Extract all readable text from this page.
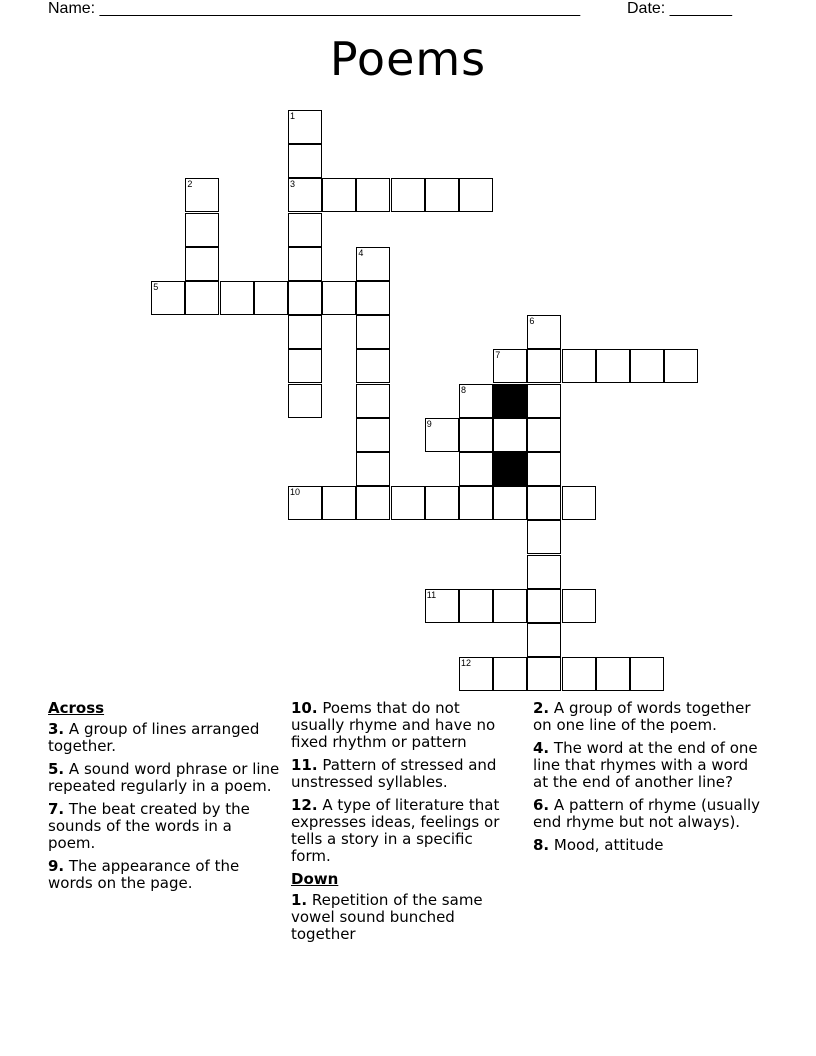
Name: ______________________________________________________	Date: _______
Poems
1
3
2
4
5
6
7
8
9
10
11
12
Across
3. A group of lines arranged together.
5. A sound word phrase or line repeated regularly in a poem.
7. The beat created by the sounds of the words in a poem.
9. The appearance of the words on the page.
10. Poems that do not usually rhyme and have no fixed rhythm or pattern
11. Pattern of stressed and unstressed syllables.
12. A type of literature that expresses ideas, feelings or tells a story in a specific form.
Down
1. Repetition of the same vowel sound bunched together
2. A group of words together on one line of the poem.
4. The word at the end of one line that rhymes with a word at the end of another line?
6. A pattern of rhyme (usually end rhyme but not always).
8. Mood, attitude
